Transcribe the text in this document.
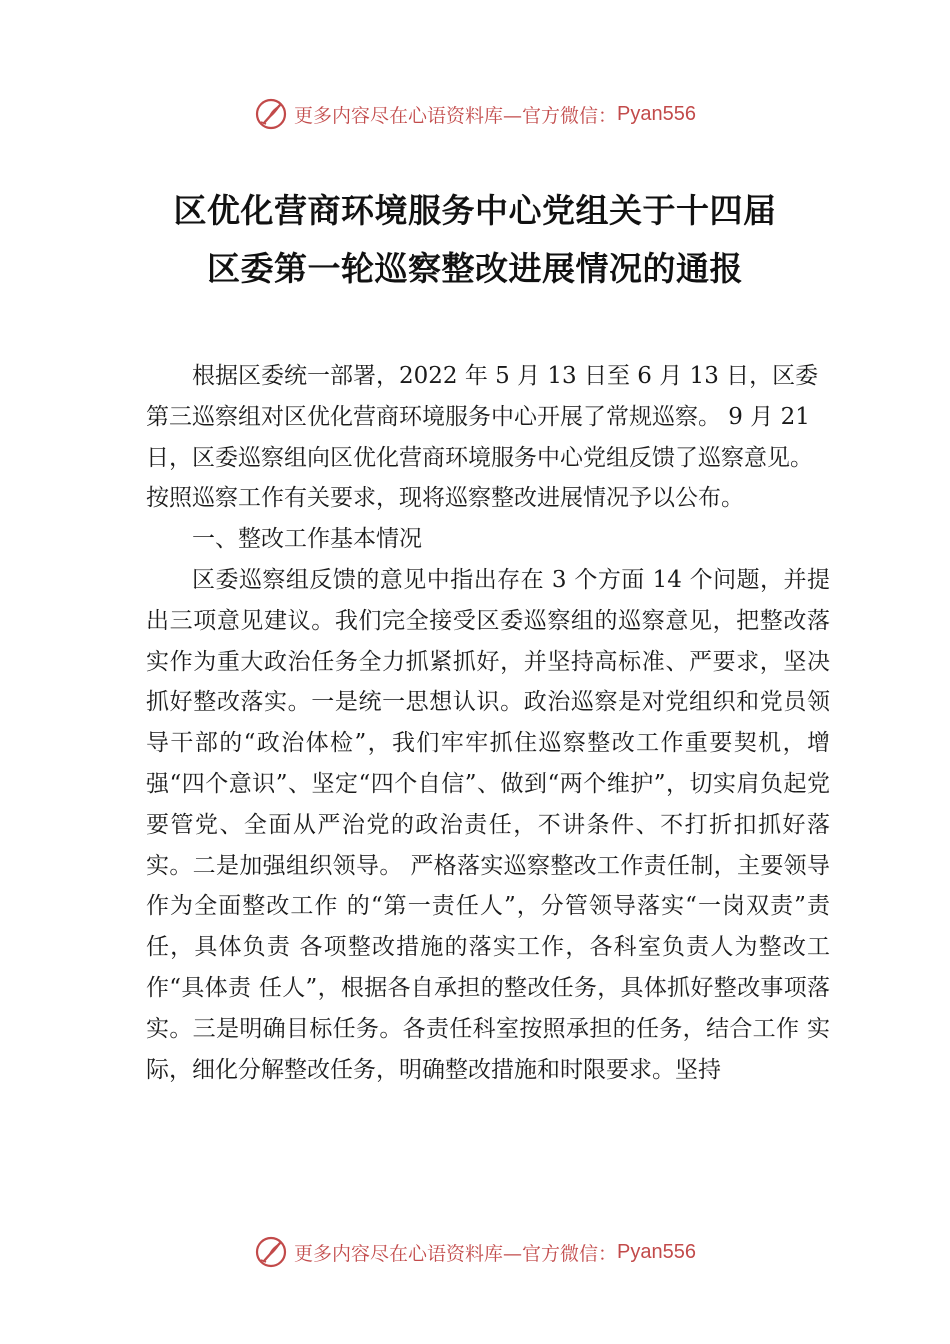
更多内容尽在心语资料库—官方微信： Pyan556
区优化营商环境服务中心党组关于十四届
区委第一轮巡察整改进展情况的通报

根据区委统一部署，2022 年 5 月 13 日至 6 月 13 日，区委第三巡察组对区优化营商环境服务中心开展了常规巡察。 9 月 21 日，区委巡察组向区优化营商环境服务中心党组反馈了巡察意见。按照巡察工作有关要求，现将巡察整改进展情况予以公布。

一、整改工作基本情况

区委巡察组反馈的意见中指出存在 3 个方面 14 个问题，并提出三项意见建议。我们完全接受区委巡察组的巡察意见，把整改落实作为重大政治任务全力抓紧抓好，并坚持高标准、严要求，坚决抓好整改落实。一是统一思想认识。政治巡察是对党组织和党员领导干部的“政治体检”，我们牢牢抓住巡察整改工作重要契机，增强“四个意识”、坚定“四个自信”、做到“两个维护”，切实肩负起党要管党、全面从严治党的政治责任，不讲条件、不打折扣抓好落实。二是加强组织领导。 严格落实巡察整改工作责任制，主要领导作为全面整改工作 的“第一责任人”，分管领导落实“一岗双责”责任，具体负责 各项整改措施的落实工作，各科室负责人为整改工作“具体责 任人”，根据各自承担的整改任务，具体抓好整改事项落实。三是明确目标任务。各责任科室按照承担的任务，结合工作 实际，细化分解整改任务，明确整改措施和时限要求。坚持

更多内容尽在心语资料库—官方微信： Pyan556
